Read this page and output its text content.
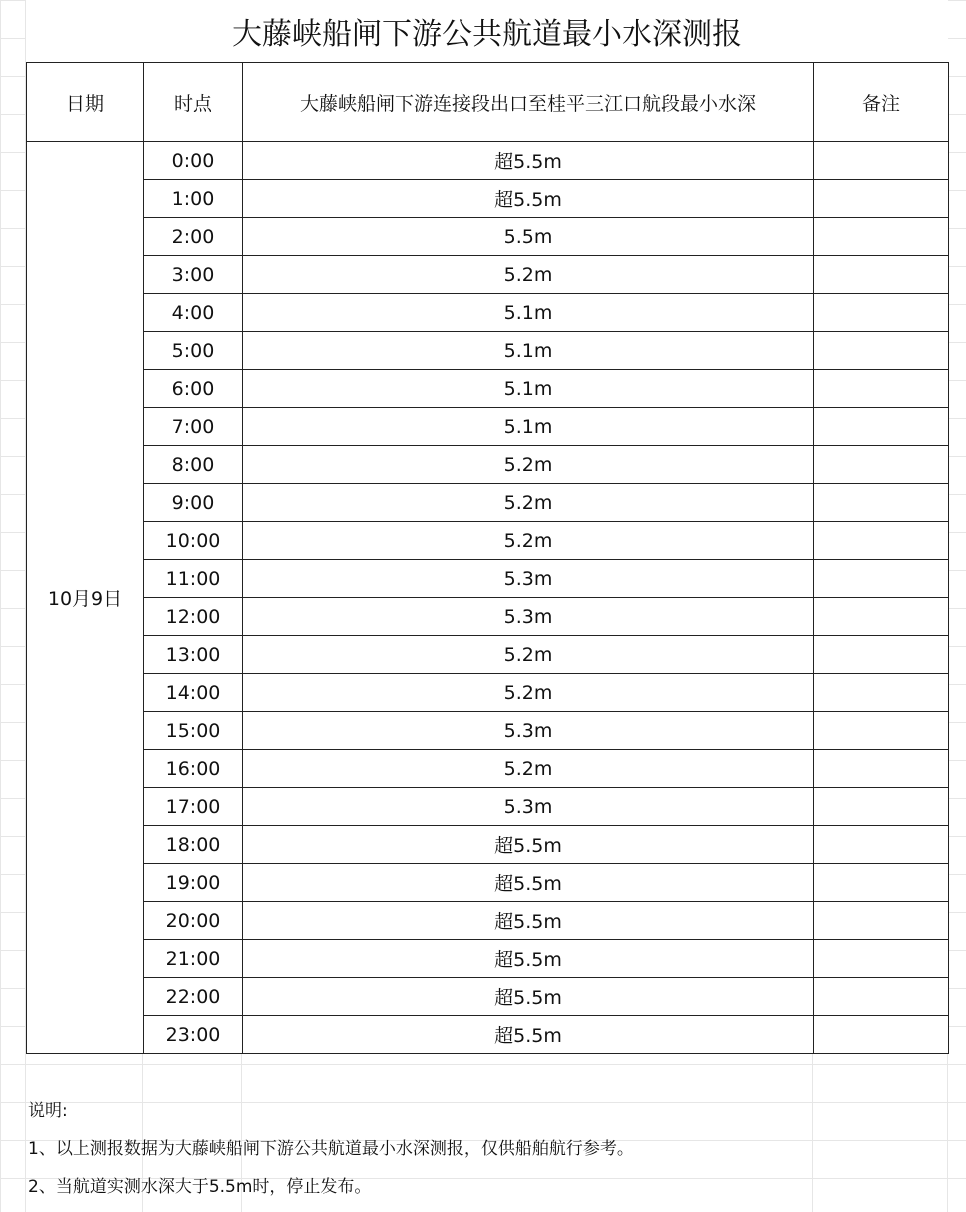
大藤峡船闸下游公共航道最小水深测报
日期	时点	大藤峡船闸下游连接段出口至桂平三江口航段最小水深	备注
10月9日	0:00	超5.5m	
	1:00	超5.5m	
	2:00	5.5m	
	3:00	5.2m	
	4:00	5.1m	
	5:00	5.1m	
	6:00	5.1m	
	7:00	5.1m	
	8:00	5.2m	
	9:00	5.2m	
	10:00	5.2m	
	11:00	5.3m	
	12:00	5.3m	
	13:00	5.2m	
	14:00	5.2m	
	15:00	5.3m	
	16:00	5.2m	
	17:00	5.3m	
	18:00	超5.5m	
	19:00	超5.5m	
	20:00	超5.5m	
	21:00	超5.5m	
	22:00	超5.5m	
	23:00	超5.5m	
说明:
1、以上测报数据为大藤峡船闸下游公共航道最小水深测报，仅供船舶航行参考。
2、当航道实测水深大于5.5m时，停止发布。
